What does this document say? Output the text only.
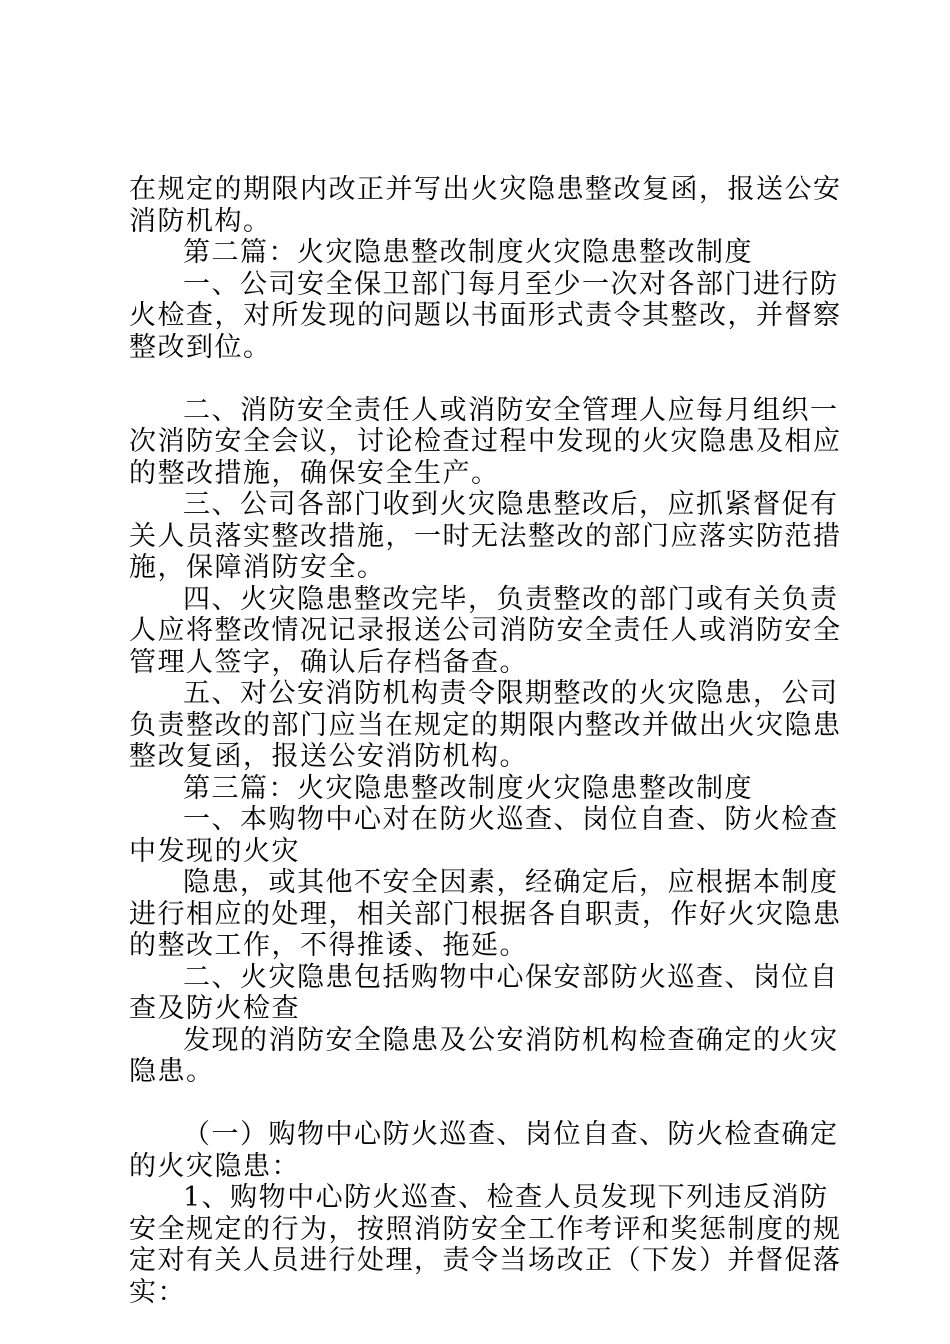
在规定的期限内改正并写出火灾隐患整改复函，报送公安消防机构。

第二篇：火灾隐患整改制度火灾隐患整改制度

一、公司安全保卫部门每月至少一次对各部门进行防火检查，对所发现的问题以书面形式责令其整改，并督察整改到位。

二、消防安全责任人或消防安全管理人应每月组织一次消防安全会议，讨论检查过程中发现的火灾隐患及相应的整改措施，确保安全生产。

三、公司各部门收到火灾隐患整改后，应抓紧督促有关人员落实整改措施，一时无法整改的部门应落实防范措施，保障消防安全。

四、火灾隐患整改完毕，负责整改的部门或有关负责人应将整改情况记录报送公司消防安全责任人或消防安全管理人签字，确认后存档备查。

五、对公安消防机构责令限期整改的火灾隐患，公司负责整改的部门应当在规定的期限内整改并做出火灾隐患整改复函，报送公安消防机构。

第三篇：火灾隐患整改制度火灾隐患整改制度

一、本购物中心对在防火巡查、岗位自查、防火检查中发现的火灾

隐患，或其他不安全因素，经确定后，应根据本制度进行相应的处理，相关部门根据各自职责，作好火灾隐患的整改工作，不得推诿、拖延。

二、火灾隐患包括购物中心保安部防火巡查、岗位自查及防火检查

发现的消防安全隐患及公安消防机构检查确定的火灾隐患。

（一）购物中心防火巡查、岗位自查、防火检查确定的火灾隐患：

1、购物中心防火巡查、检查人员发现下列违反消防安全规定的行为，按照消防安全工作考评和奖惩制度的规定对有关人员进行处理，责令当场改正（下发）并督促落实：
